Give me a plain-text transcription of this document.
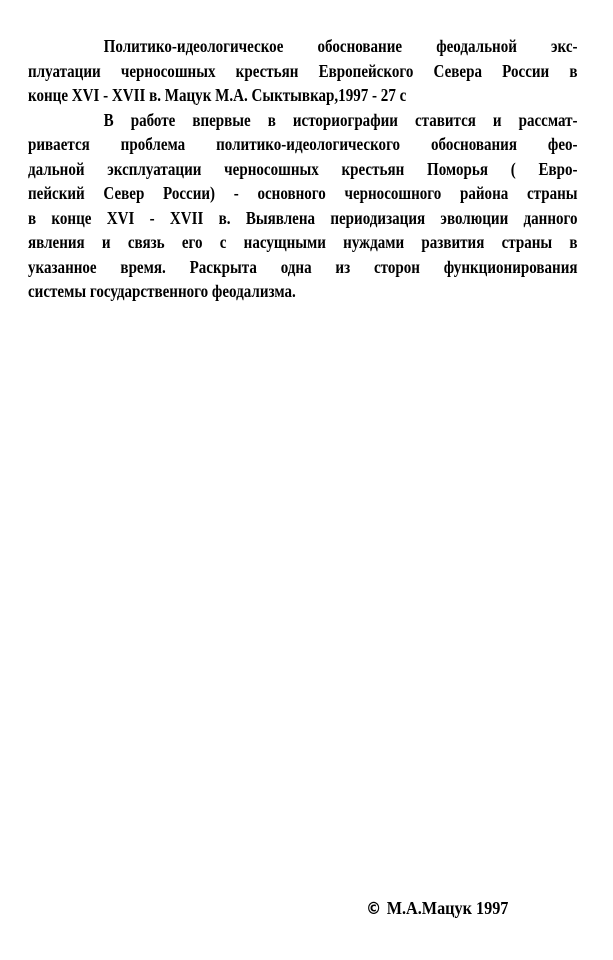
Политико-идеологическое обоснование феодальной экс-
плуатации черносошных крестьян Европейского Севера России в
конце XVI - XVII в. Мацук М.А. Сыктывкар,1997 - 27 с
В работе впервые в историографии ставится и рассмат-
ривается проблема политико-идеологического обоснования фео-
дальной эксплуатации черносошных крестьян Поморья ( Евро-
пейский Север России) - основного черносошного района страны
в конце XVI - XVII в. Выявлена периодизация эволюции данного
явления и связь его с насущными нуждами развития страны в
указанное время. Раскрыта одна из сторон функционирования
системы государственного феодализма.
© М.А.Мацук 1997
